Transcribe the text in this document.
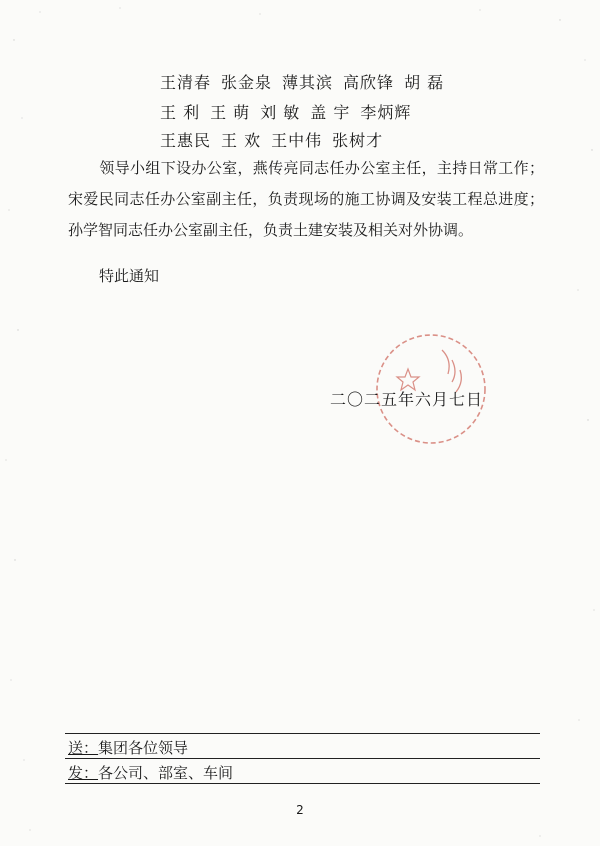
王清春 张金泉 薄其滨 高欣锋 胡 磊
王 利 王 萌 刘 敏 盖 宇 李炳辉
王惠民 王 欢 王中伟 张树才
领导小组下设办公室，燕传亮同志任办公室主任，主持日常工作；宋爱民同志任办公室副主任，负责现场的施工协调及安装工程总进度；孙学智同志任办公室副主任，负责土建安装及相关对外协调。
特此通知
二〇二五年六月七日
送：集团各位领导
发：各公司、部室、车间
2
